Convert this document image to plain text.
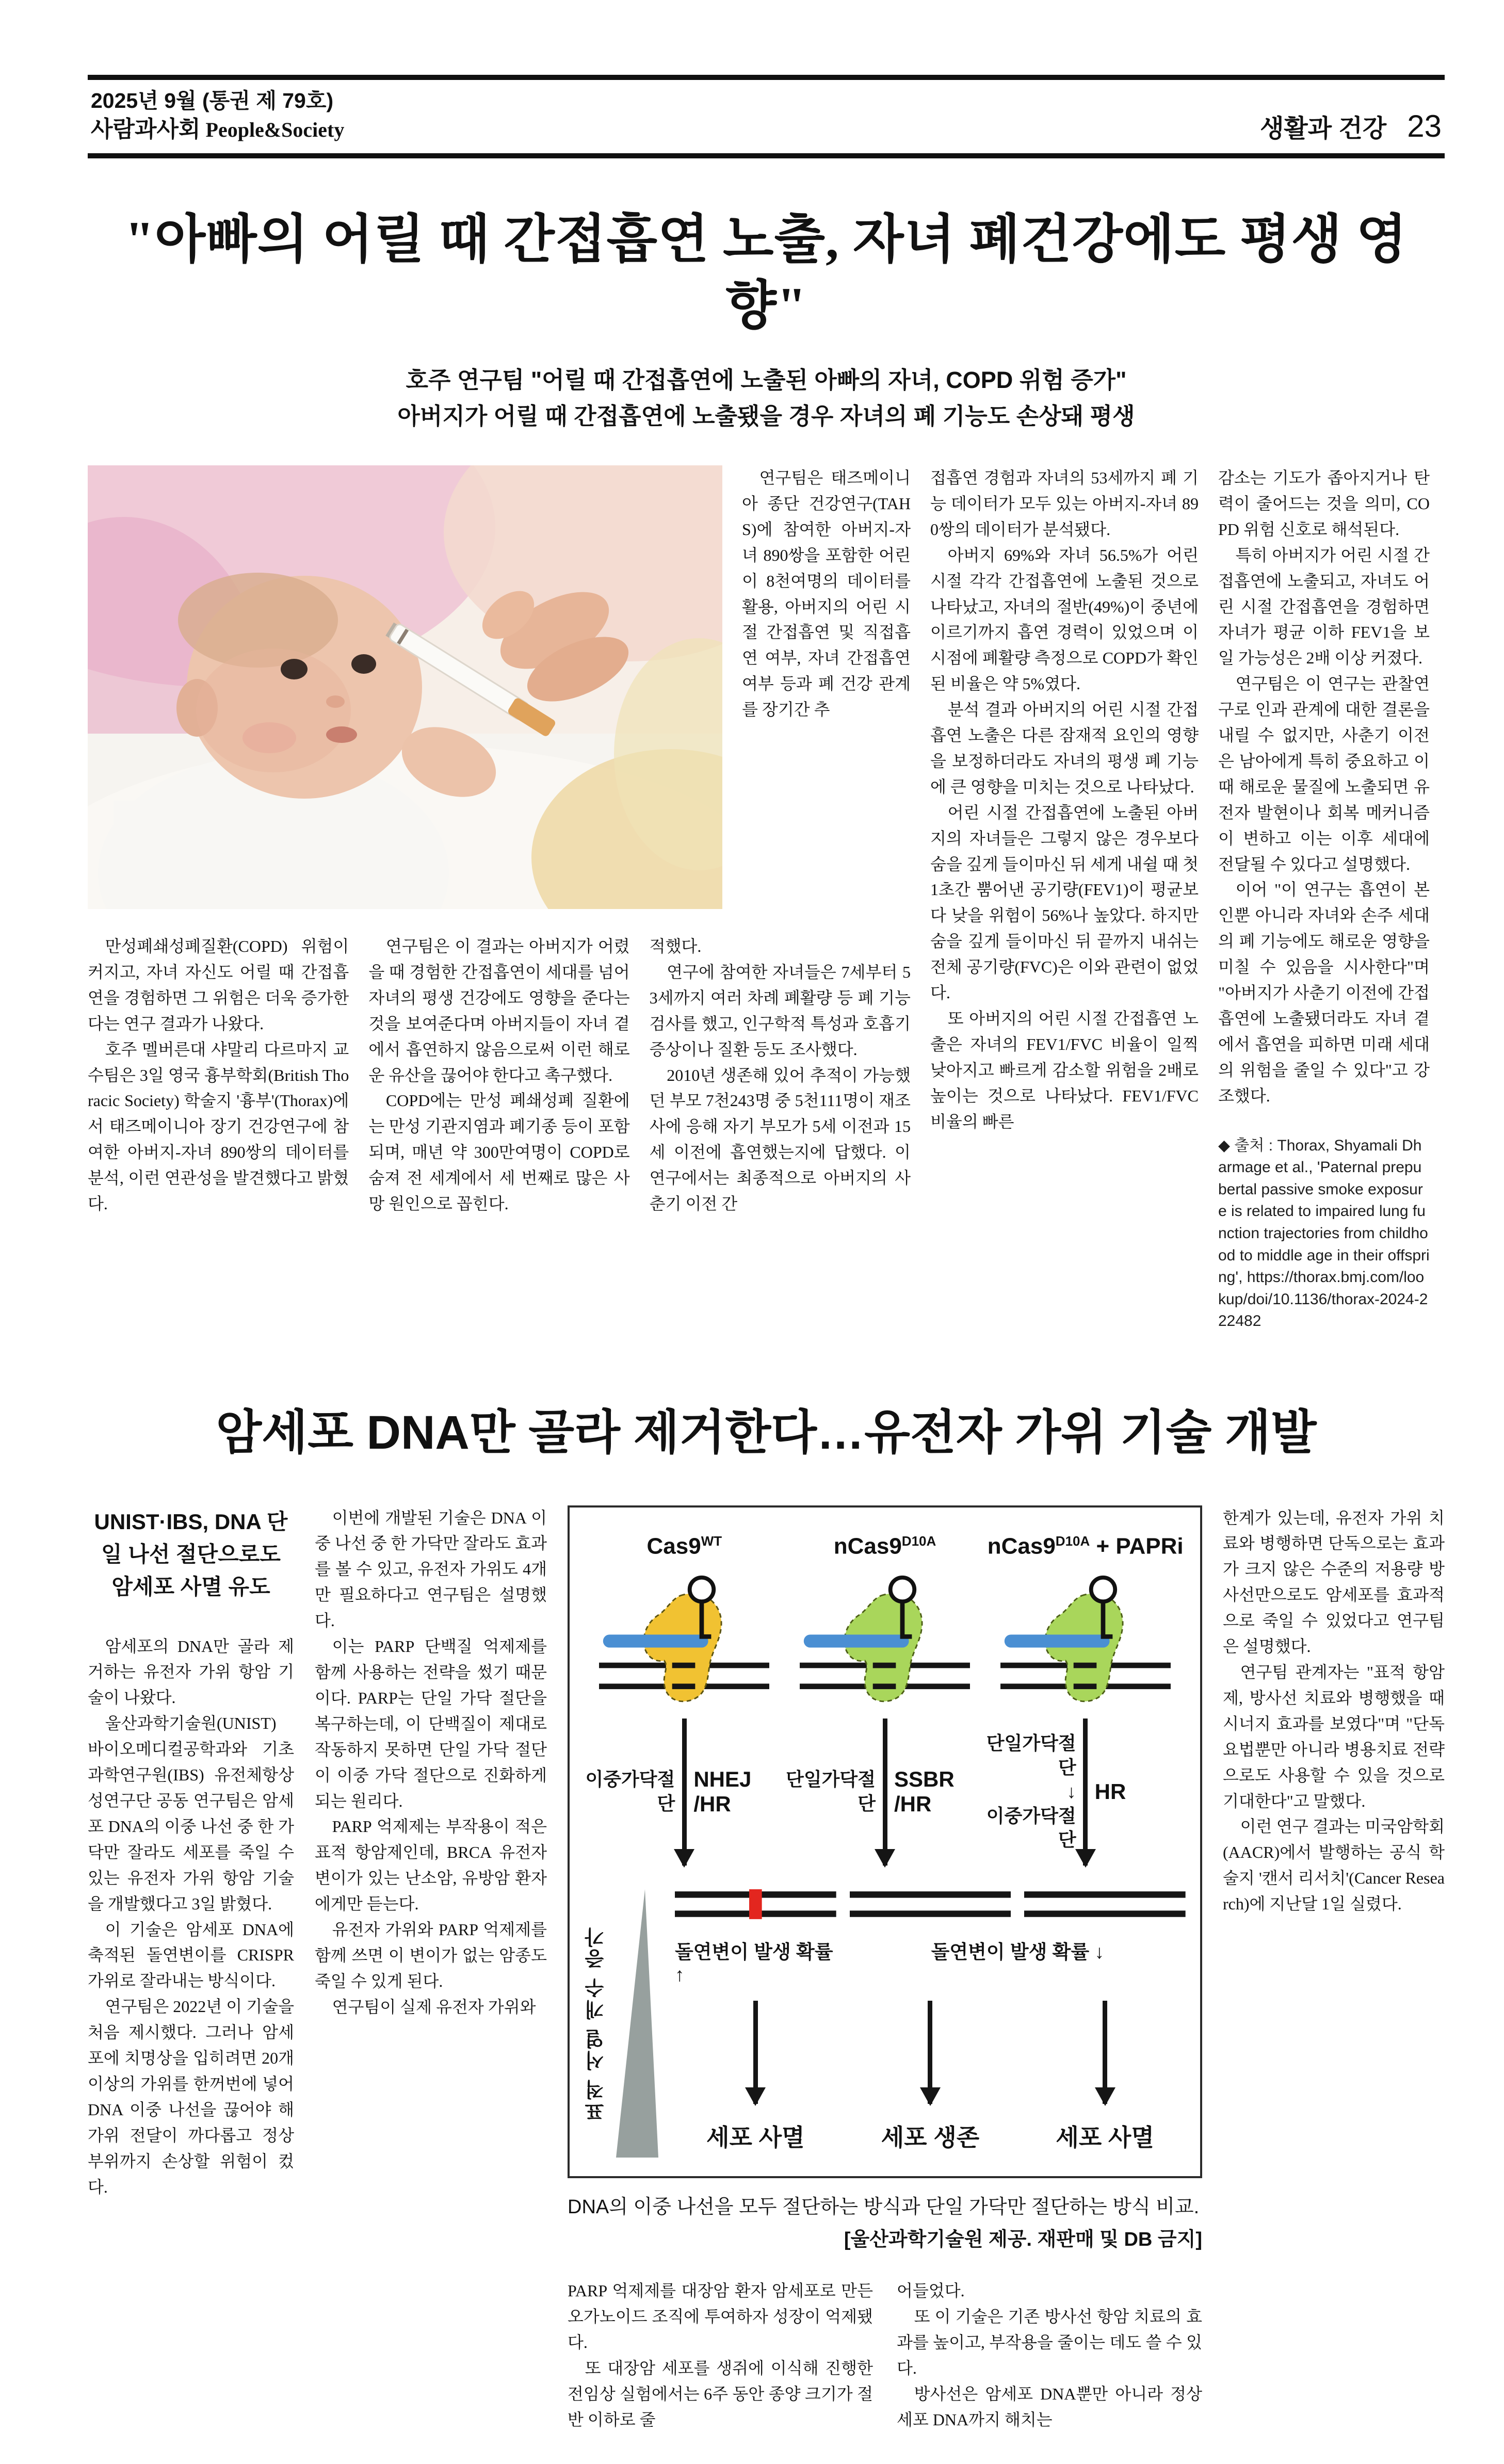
2025년 9월 (통권 제 79호)
사람과사회 People&Society	생활과 건강 23
"아빠의 어릴 때 간접흡연 노출, 자녀 폐건강에도 평생 영향"
호주 연구팀 "어릴 때 간접흡연에 노출된 아빠의 자녀, COPD 위험 증가"
아버지가 어릴 때 간접흡연에 노출됐을 경우 자녀의 폐 기능도 손상돼 평생

연구팀은 태즈메이니아 종단 건강연구(TAHS)에 참여한 아버지-자녀 890쌍을 포함한 어린이 8천여명의 데이터를 활용, 아버지의 어린 시절 간접흡연 및 직접흡연 여부, 자녀 간접흡연 여부 등과 폐 건강 관계를 장기간 추

만성폐쇄성폐질환(COPD) 위험이 커지고, 자녀 자신도 어릴 때 간접흡연을 경험하면 그 위험은 더욱 증가한다는 연구 결과가 나왔다.

호주 멜버른대 샤말리 다르마지 교수팀은 3일 영국 흉부학회(British Thoracic Society) 학술지 '흉부'(Thorax)에서 태즈메이니아 장기 건강연구에 참여한 아버지-자녀 890쌍의 데이터를 분석, 이런 연관성을 발견했다고 밝혔다.

연구팀은 이 결과는 아버지가 어렸을 때 경험한 간접흡연이 세대를 넘어 자녀의 평생 건강에도 영향을 준다는 것을 보여준다며 아버지들이 자녀 곁에서 흡연하지 않음으로써 이런 해로운 유산을 끊어야 한다고 촉구했다.

COPD에는 만성 폐쇄성폐 질환에는 만성 기관지염과 폐기종 등이 포함되며, 매년 약 300만여명이 COPD로 숨져 전 세계에서 세 번째로 많은 사망 원인으로 꼽힌다.

적했다.

연구에 참여한 자녀들은 7세부터 53세까지 여러 차례 폐활량 등 폐 기능 검사를 했고, 인구학적 특성과 호흡기 증상이나 질환 등도 조사했다.

2010년 생존해 있어 추적이 가능했던 부모 7천243명 중 5천111명이 재조사에 응해 자기 부모가 5세 이전과 15세 이전에 흡연했는지에 답했다. 이 연구에서는 최종적으로 아버지의 사춘기 이전 간

접흡연 경험과 자녀의 53세까지 폐 기능 데이터가 모두 있는 아버지-자녀 890쌍의 데이터가 분석됐다.

아버지 69%와 자녀 56.5%가 어린 시절 각각 간접흡연에 노출된 것으로 나타났고, 자녀의 절반(49%)이 중년에 이르기까지 흡연 경력이 있었으며 이 시점에 폐활량 측정으로 COPD가 확인된 비율은 약 5%였다.

분석 결과 아버지의 어린 시절 간접흡연 노출은 다른 잠재적 요인의 영향을 보정하더라도 자녀의 평생 폐 기능에 큰 영향을 미치는 것으로 나타났다.

어린 시절 간접흡연에 노출된 아버지의 자녀들은 그렇지 않은 경우보다 숨을 깊게 들이마신 뒤 세게 내쉴 때 첫 1초간 뿜어낸 공기량(FEV1)이 평균보다 낮을 위험이 56%나 높았다. 하지만 숨을 깊게 들이마신 뒤 끝까지 내쉬는 전체 공기량(FVC)은 이와 관련이 없었다.

또 아버지의 어린 시절 간접흡연 노출은 자녀의 FEV1/FVC 비율이 일찍 낮아지고 빠르게 감소할 위험을 2배로 높이는 것으로 나타났다. FEV1/FVC 비율의 빠른

감소는 기도가 좁아지거나 탄력이 줄어드는 것을 의미, COPD 위험 신호로 해석된다.

특히 아버지가 어린 시절 간접흡연에 노출되고, 자녀도 어린 시절 간접흡연을 경험하면 자녀가 평균 이하 FEV1을 보일 가능성은 2배 이상 커졌다.

연구팀은 이 연구는 관찰연구로 인과 관계에 대한 결론을 내릴 수 없지만, 사춘기 이전은 남아에게 특히 중요하고 이때 해로운 물질에 노출되면 유전자 발현이나 회복 메커니즘이 변하고 이는 이후 세대에 전달될 수 있다고 설명했다.

이어 "이 연구는 흡연이 본인뿐 아니라 자녀와 손주 세대의 폐 기능에도 해로운 영향을 미칠 수 있음을 시사한다"며 "아버지가 사춘기 이전에 간접흡연에 노출됐더라도 자녀 곁에서 흡연을 피하면 미래 세대의 위험을 줄일 수 있다"고 강조했다.

◆ 출처 : Thorax, Shyamali Dharmage et al., 'Paternal prepubertal passive smoke exposure is related to impaired lung function trajectories from childhood to middle age in their offspring', https://thorax.bmj.com/lookup/doi/10.1136/thorax-2024-222482
암세포 DNA만 골라 제거한다…유전자 가위 기술 개발
UNIST·IBS, DNA 단일 나선 절단으로도
암세포 사멸 유도

암세포의 DNA만 골라 제거하는 유전자 가위 항암 기술이 나왔다.

울산과학기술원(UNIST) 바이오메디컬공학과와 기초과학연구원(IBS) 유전체항상성연구단 공동 연구팀은 암세포 DNA의 이중 나선 중 한 가닥만 잘라도 세포를 죽일 수 있는 유전자 가위 항암 기술을 개발했다고 3일 밝혔다.

이 기술은 암세포 DNA에 축적된 돌연변이를 CRISPR 가위로 잘라내는 방식이다.

연구팀은 2022년 이 기술을 처음 제시했다. 그러나 암세포에 치명상을 입히려면 20개 이상의 가위를 한꺼번에 넣어 DNA 이중 나선을 끊어야 해 가위 전달이 까다롭고 정상 부위까지 손상할 위험이 컸다.

이번에 개발된 기술은 DNA 이중 나선 중 한 가닥만 잘라도 효과를 볼 수 있고, 유전자 가위도 4개만 필요하다고 연구팀은 설명했다.

이는 PARP 단백질 억제제를 함께 사용하는 전략을 썼기 때문이다. PARP는 단일 가닥 절단을 복구하는데, 이 단백질이 제대로 작동하지 못하면 단일 가닥 절단이 이중 가닥 절단으로 진화하게 되는 원리다.

PARP 억제제는 부작용이 적은 표적 항암제인데, BRCA 유전자 변이가 있는 난소암, 유방암 환자에게만 듣는다.

유전자 가위와 PARP 억제제를 함께 쓰면 이 변이가 없는 암종도 죽일 수 있게 된다.

연구팀이 실제 유전자 가위와

$Cas9^{WT}$
이중가닥절단
NHEJ
/HR
$nCas9^{D10A}$
단일가닥절단
SSBR
/HR
$nCas9^{D10A}$ + PAPRi
단일가닥절단
↓
이중가닥절단
HR
표적 서열 개수 증가	돌연변이 발생 확률 ↑
돌연변이 발생 확률 ↓
세포 사멸	세포 생존	세포 사멸
DNA의 이중 나선을 모두 절단하는 방식과 단일 가닥만 절단하는 방식 비교.
[울산과학기술원 제공. 재판매 및 DB 금지]

PARP 억제제를 대장암 환자 암세포로 만든 오가노이드 조직에 투여하자 성장이 억제됐다.

또 대장암 세포를 생쥐에 이식해 진행한 전임상 실험에서는 6주 동안 종양 크기가 절반 이하로 줄

어들었다.

또 이 기술은 기존 방사선 항암 치료의 효과를 높이고, 부작용을 줄이는 데도 쓸 수 있다.

방사선은 암세포 DNA뿐만 아니라 정상 세포 DNA까지 해치는

한계가 있는데, 유전자 가위 치료와 병행하면 단독으로는 효과가 크지 않은 수준의 저용량 방사선만으로도 암세포를 효과적으로 죽일 수 있었다고 연구팀은 설명했다.

연구팀 관계자는 "표적 항암제, 방사선 치료와 병행했을 때 시너지 효과를 보였다"며 "단독 요법뿐만 아니라 병용치료 전략으로도 사용할 수 있을 것으로 기대한다"고 말했다.

이런 연구 결과는 미국암학회(AACR)에서 발행하는 공식 학술지 '캔서 리서치'(Cancer Research)에 지난달 1일 실렸다.
